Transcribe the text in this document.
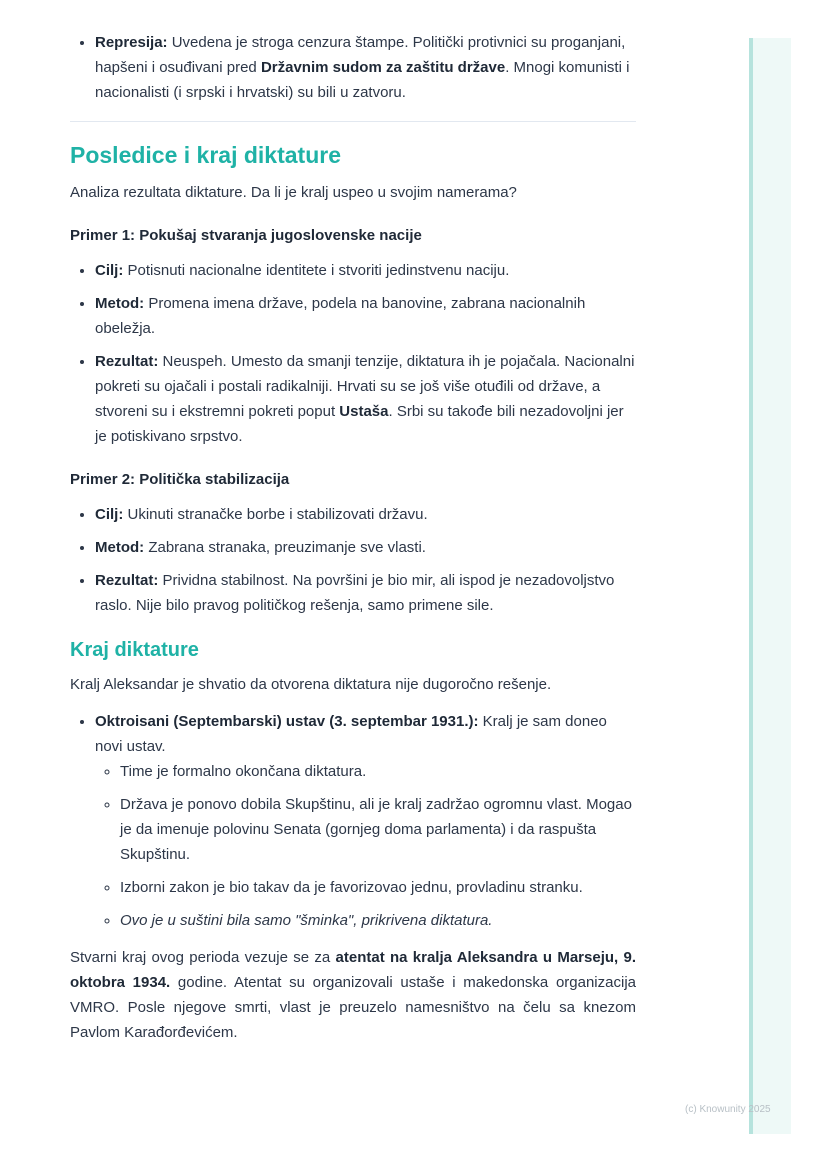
• Represija: Uvedena je stroga cenzura štampe. Politički protivnici su proganjani, hapšeni i osuđivani pred Državnim sudom za zaštitu države. Mnogi komunisti i nacionalisti (i srpski i hrvatski) su bili u zatvoru.
Posledice i kraj diktature

Analiza rezultata diktature. Da li je kralj uspeo u svojim namerama?

Primer 1: Pokušaj stvaranja jugoslovenske nacije

• Cilj: Potisnuti nacionalne identitete i stvoriti jedinstvenu naciju.
• Metod: Promena imena države, podela na banovine, zabrana nacionalnih obeležja.
• Rezultat: Neuspeh. Umesto da smanji tenzije, diktatura ih je pojačala. Nacionalni pokreti su ojačali i postali radikalniji. Hrvati su se još više otuđili od države, a stvoreni su i ekstremni pokreti poput Ustaša. Srbi su takođe bili nezadovoljni jer je potiskivano srpstvo.

Primer 2: Politička stabilizacija

• Cilj: Ukinuti stranačke borbe i stabilizovati državu.
• Metod: Zabrana stranaka, preuzimanje sve vlasti.
• Rezultat: Prividna stabilnost. Na površini je bio mir, ali ispod je nezadovoljstvo raslo. Nije bilo pravog političkog rešenja, samo primene sile.
Kraj diktature

Kralj Aleksandar je shvatio da otvorena diktatura nije dugoročno rešenje.

• Oktroisani (Septembarski) ustav (3. septembar 1931.): Kralj je sam doneo novi ustav.
◦ Time je formalno okončana diktatura.
◦ Država je ponovo dobila Skupštinu, ali je kralj zadržao ogromnu vlast. Mogao je da imenuje polovinu Senata (gornjeg doma parlamenta) i da raspušta Skupštinu.
◦ Izborni zakon je bio takav da je favorizovao jednu, provladinu stranku.
◦ Ovo je u suštini bila samo "šminka", prikrivena diktatura.

Stvarni kraj ovog perioda vezuje se za atentat na kralja Aleksandra u Marseju, 9. oktobra 1934. godine. Atentat su organizovali ustaše i makedonska organizacija VMRO. Posle njegove smrti, vlast je preuzelo namesništvo na čelu sa knezom Pavlom Karađorđevićem.

(c) Knowunity 2025
